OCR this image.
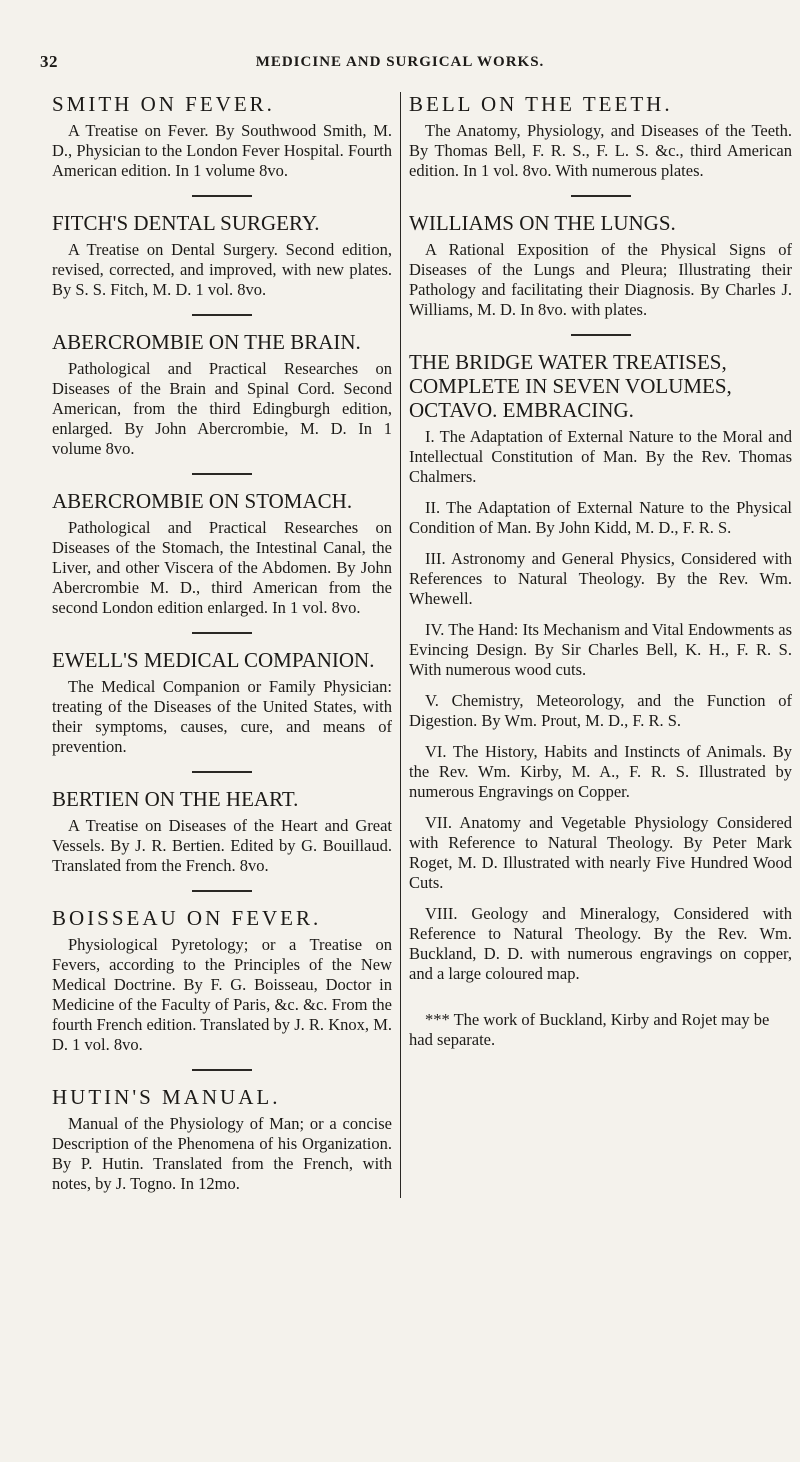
32	MEDICINE AND SURGICAL WORKS.
SMITH ON FEVER.

A Treatise on Fever. By Southwood Smith, M. D., Physician to the London Fever Hospital. Fourth American edition. In 1 volume 8vo.

FITCH'S DENTAL SURGERY.

A Treatise on Dental Surgery. Second edition, revised, corrected, and improved, with new plates. By S. S. Fitch, M. D. 1 vol. 8vo.

ABERCROMBIE ON THE BRAIN.

Pathological and Practical Researches on Diseases of the Brain and Spinal Cord. Second American, from the third Edingburgh edition, enlarged. By John Abercrombie, M. D. In 1 volume 8vo.

ABERCROMBIE ON STOMACH.

Pathological and Practical Researches on Diseases of the Stomach, the Intestinal Canal, the Liver, and other Viscera of the Abdomen. By John Abercrombie M. D., third American from the second London edition enlarged. In 1 vol. 8vo.

EWELL'S MEDICAL COMPANION.

The Medical Companion or Family Physician: treating of the Diseases of the United States, with their symptoms, causes, cure, and means of prevention.

BERTIEN ON THE HEART.

A Treatise on Diseases of the Heart and Great Vessels. By J. R. Bertien. Edited by G. Bouillaud. Translated from the French. 8vo.

BOISSEAU ON FEVER.

Physiological Pyretology; or a Treatise on Fevers, according to the Principles of the New Medical Doctrine. By F. G. Boisseau, Doctor in Medicine of the Faculty of Paris, &c. &c. From the fourth French edition. Translated by J. R. Knox, M. D. 1 vol. 8vo.

HUTIN'S MANUAL.

Manual of the Physiology of Man; or a concise Description of the Phenomena of his Organization. By P. Hutin. Translated from the French, with notes, by J. Togno. In 12mo.

BELL ON THE TEETH.

The Anatomy, Physiology, and Diseases of the Teeth. By Thomas Bell, F. R. S., F. L. S. &c., third American edition. In 1 vol. 8vo. With numerous plates.

WILLIAMS ON THE LUNGS.

A Rational Exposition of the Physical Signs of Diseases of the Lungs and Pleura; Illustrating their Pathology and facilitating their Diagnosis. By Charles J. Williams, M. D. In 8vo. with plates.

THE BRIDGE WATER TREATISES, COMPLETE IN SEVEN VOLUMES, OCTAVO. EMBRACING.

I. The Adaptation of External Nature to the Moral and Intellectual Constitution of Man. By the Rev. Thomas Chalmers.

II. The Adaptation of External Nature to the Physical Condition of Man. By John Kidd, M. D., F. R. S.

III. Astronomy and General Physics, Considered with References to Natural Theology. By the Rev. Wm. Whewell.

IV. The Hand: Its Mechanism and Vital Endowments as Evincing Design. By Sir Charles Bell, K. H., F. R. S. With numerous wood cuts.

V. Chemistry, Meteorology, and the Function of Digestion. By Wm. Prout, M. D., F. R. S.

VI. The History, Habits and Instincts of Animals. By the Rev. Wm. Kirby, M. A., F. R. S. Illustrated by numerous Engravings on Copper.

VII. Anatomy and Vegetable Physiology Considered with Reference to Natural Theology. By Peter Mark Roget, M. D. Illustrated with nearly Five Hundred Wood Cuts.

VIII. Geology and Mineralogy, Considered with Reference to Natural Theology. By the Rev. Wm. Buckland, D. D. with numerous engravings on copper, and a large coloured map.

*** The work of Buckland, Kirby and Rojet may be had separate.
